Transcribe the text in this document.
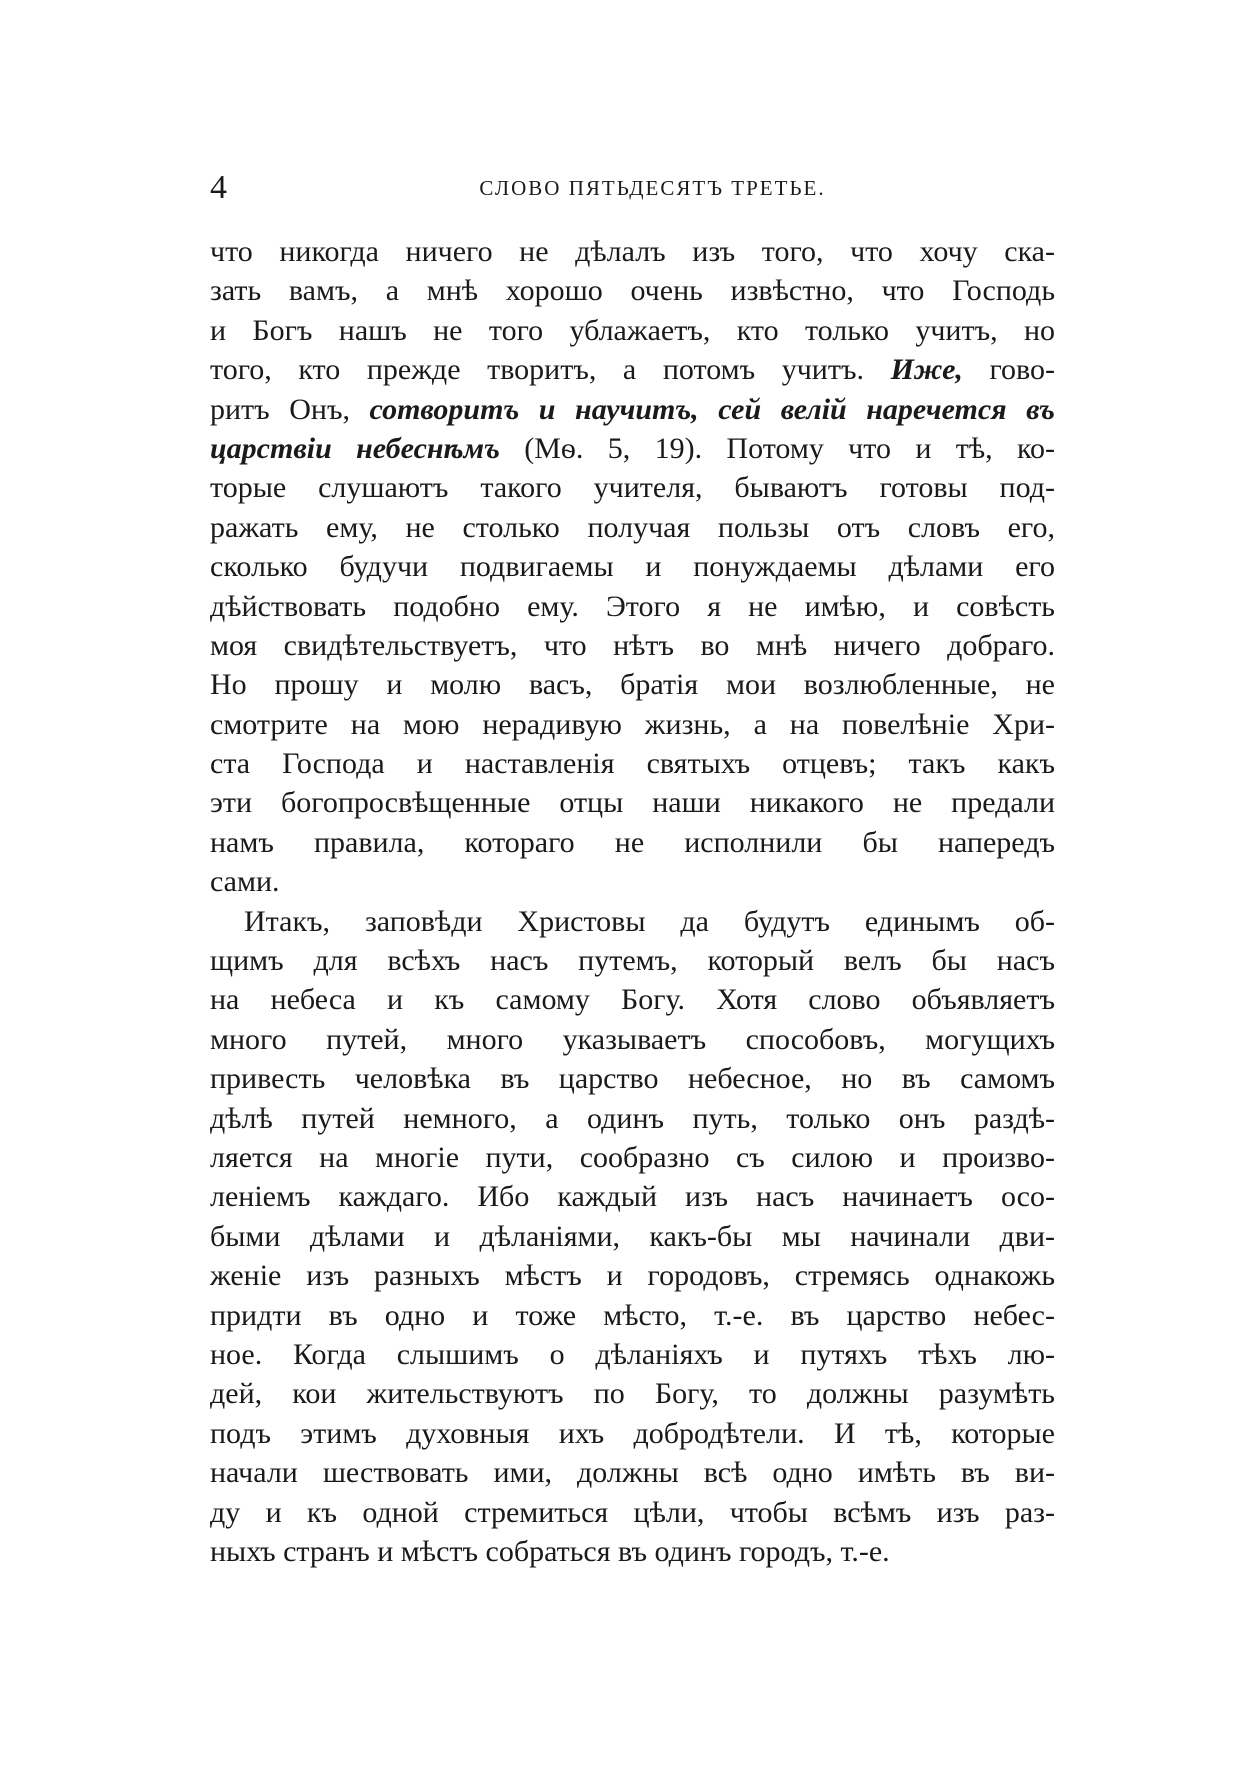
4	СЛОВО ПЯТЬДЕСЯТЪ ТРЕТЬЕ.
что никогда ничего не дѣлалъ изъ того, что хочу ска-
зать вамъ, а мнѣ хорошо очень извѣстно, что Господь
и Богъ нашъ не того ублажаетъ, кто только учитъ, но
того, кто прежде творитъ, а потомъ учитъ. Иже, гово-
ритъ Онъ, сотворитъ и научитъ, сей велій наречется въ
царствіи небеснѣмъ (Мѳ. 5, 19). Потому что и тѣ, ко-
торые слушаютъ такого учителя, бываютъ готовы под-
ражать ему, не столько получая пользы отъ словъ его,
сколько будучи подвигаемы и понуждаемы дѣлами его
дѣйствовать подобно ему. Этого я не имѣю, и совѣсть
моя свидѣтельствуетъ, что нѣтъ во мнѣ ничего добраго.
Но прошу и молю васъ, братія мои возлюбленные, не
смотрите на мою нерадивую жизнь, а на повелѣніе Хри-
ста Господа и наставленія святыхъ отцевъ; такъ какъ
эти богопросвѣщенные отцы наши никакого не предали
намъ правила, котораго не исполнили бы напередъ
сами.
Итакъ, заповѣди Христовы да будутъ единымъ об-
щимъ для всѣхъ насъ путемъ, который велъ бы насъ
на небеса и къ самому Богу. Хотя слово объявляетъ
много путей, много указываетъ способовъ, могущихъ
привесть человѣка въ царство небесное, но въ самомъ
дѣлѣ путей немного, а одинъ путь, только онъ раздѣ-
ляется на многіе пути, сообразно съ силою и произво-
леніемъ каждаго. Ибо каждый изъ насъ начинаетъ осо-
быми дѣлами и дѣланіями, какъ-бы мы начинали дви-
женіе изъ разныхъ мѣстъ и городовъ, стремясь однакожь
придти въ одно и тоже мѣсто, т.-е. въ царство небес-
ное. Когда слышимъ о дѣланіяхъ и путяхъ тѣхъ лю-
дей, кои жительствуютъ по Богу, то должны разумѣть
подъ этимъ духовныя ихъ добродѣтели. И тѣ, которые
начали шествовать ими, должны всѣ одно имѣть въ ви-
ду и къ одной стремиться цѣли, чтобы всѣмъ изъ раз-
ныхъ странъ и мѣстъ собраться въ одинъ городъ, т.-е.
